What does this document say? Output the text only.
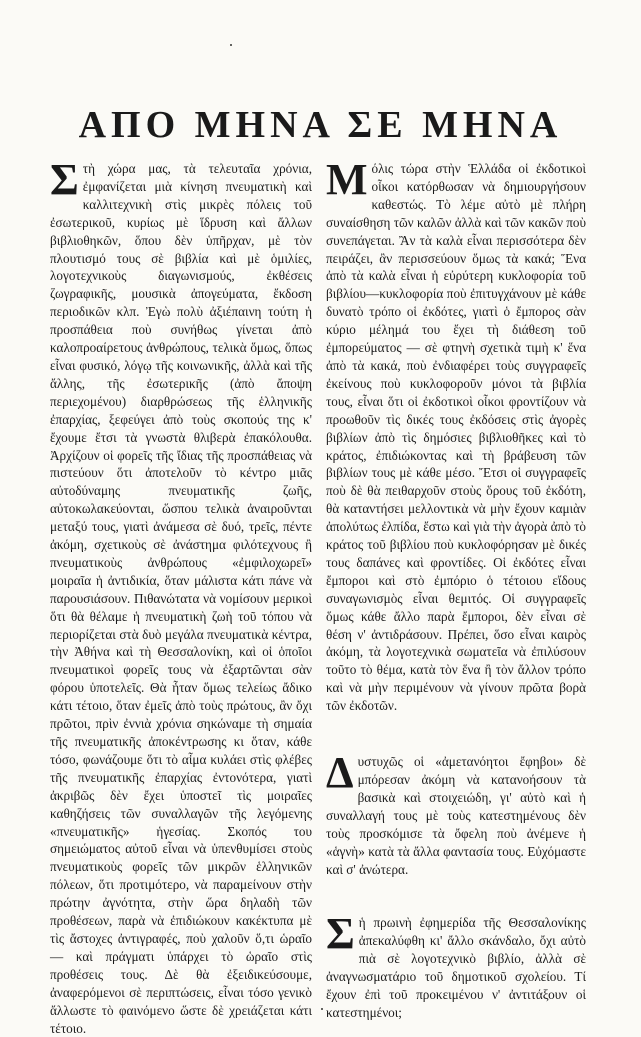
ΑΠΟ ΜΗΝΑ ΣΕ ΜΗΝΑ

Στὴ χώρα μας, τὰ τελευταῖα χρόνια, ἐμφανίζεται μιὰ κίνηση πνευματικὴ καὶ καλλιτεχνικὴ στὶς μικρὲς πόλεις τοῦ ἐσωτερικοῦ, κυρίως μὲ ἵδρυση καὶ ἄλλων βιβλιοθηκῶν, ὅπου δὲν ὑπῆρχαν, μὲ τὸν πλουτισμό τους σὲ βιβλία καὶ μὲ ὁμιλίες, λογοτεχνικοὺς διαγωνισμούς, ἐκθέσεις ζωγραφικῆς, μουσικὰ ἀπογεύματα, ἔκδοση περιοδικῶν κλπ. Ἐγὼ πολὺ ἀξιέπαινη τούτη ἡ προσπάθεια ποὺ συνήθως γίνεται ἀπὸ καλοπροαίρετους ἀνθρώπους, τελικὰ ὅμως, ὅπως εἶναι φυσικό, λόγῳ τῆς κοινωνικῆς, ἀλλὰ καὶ τῆς ἄλλης, τῆς ἐσωτερικῆς (ἀπὸ ἄποψη περιεχομένου) διαρθρώσεως τῆς ἑλληνικῆς ἐπαρχίας, ξεφεύγει ἀπὸ τοὺς σκοπούς της κ' ἔχουμε ἔτσι τὰ γνωστὰ θλιβερὰ ἐπακόλουθα. Ἀρχίζουν οἱ φορεῖς τῆς ἴδιας τῆς προσπάθειας νὰ πιστεύουν ὅτι ἀποτελοῦν τὸ κέντρο μιᾶς αὐτοδύναμης πνευματικῆς ζωῆς, αὐτοκωλακεύονται, ὥσπου τελικὰ ἀναιροῦνται μεταξύ τους, γιατὶ ἀνάμεσα σὲ δυό, τρεῖς, πέντε ἀκόμη, σχετικοὺς σὲ ἀνάστημα φιλότεχνους ἢ πνευματικοὺς ἀνθρώπους «ἐμφιλοχωρεῖ» μοιραῖα ἡ ἀντιδικία, ὅταν μάλιστα κάτι πάνε νὰ παρουσιάσουν. Πιθανώτατα νὰ νομίσουν μερικοὶ ὅτι θὰ θέλαμε ἡ πνευματικὴ ζωὴ τοῦ τόπου νὰ περιορίζεται στὰ δυὸ μεγάλα πνευματικὰ κέντρα, τὴν Ἀθήνα καὶ τὴ Θεσσαλονίκη, καὶ οἱ ὁποῖοι πνευματικοὶ φορεῖς τους νὰ ἐξαρτῶνται σὰν φόρου ὑποτελεῖς. Θὰ ἦταν ὅμως τελείως ἄδικο κάτι τέτοιο, ὅταν ἐμεῖς ἀπὸ τοὺς πρώτους, ἂν ὄχι πρῶτοι, πρὶν ἐννιὰ χρόνια σηκώναμε τὴ σημαία τῆς πνευματικῆς ἀποκέντρωσης κι ὅταν, κάθε τόσο, φωνάζουμε ὅτι τὸ αἷμα κυλάει στὶς φλέβες τῆς πνευματικῆς ἐπαρχίας ἐντονότερα, γιατὶ ἀκριβῶς δὲν ἔχει ὑποστεῖ τὶς μοιραῖες καθηζήσεις τῶν συναλλαγῶν τῆς λεγόμενης «πνευματικῆς» ἡγεσίας. Σκοπός του σημειώματος αὐτοῦ εἶναι νὰ ὑπενθυμίσει στοὺς πνευματικοὺς φορεῖς τῶν μικρῶν ἑλληνικῶν πόλεων, ὅτι προτιμότερο, νὰ παραμείνουν στὴν πρώτην ἀγνότητα, στὴν ὥρα δηλαδὴ τῶν προθέσεων, παρὰ νὰ ἐπιδιώκουν κακέκτυπα μὲ τὶς ἄστοχες ἀντιγραφές, ποὺ χαλοῦν ὅ,τι ὡραῖο — καὶ πράγματι ὑπάρχει τὸ ὡραῖο στὶς προθέσεις τους. Δὲ θὰ ἐξειδικεύσουμε, ἀναφερόμενοι σὲ περιπτώσεις, εἶναι τόσο γενικὸ ἄλλωστε τὸ φαινόμενο ὥστε δὲ χρειάζεται κάτι τέτοιο.

Μόλις τώρα στὴν Ἑλλάδα οἱ ἐκδοτικοὶ οἶκοι κατόρθωσαν νὰ δημιουργήσουν καθεστώς. Τὸ λέμε αὐτὸ μὲ πλήρη συναίσθηση τῶν καλῶν ἀλλὰ καὶ τῶν κακῶν ποὺ συνεπάγεται. Ἂν τὰ καλὰ εἶναι περισσότερα δὲν πειράζει, ἂν περισσεύουν ὅμως τὰ κακά; Ἕνα ἀπὸ τὰ καλὰ εἶναι ἡ εὐρύτερη κυκλοφορία τοῦ βιβλίου—κυκλοφορία ποὺ ἐπιτυγχάνουν μὲ κάθε δυνατὸ τρόπο οἱ ἐκδότες, γιατὶ ὁ ἔμπορος σὰν κύριο μέλημά του ἔχει τὴ διάθεση τοῦ ἐμπορεύματος — σὲ φτηνὴ σχετικὰ τιμὴ κ' ἕνα ἀπὸ τὰ κακά, ποὺ ἐνδιαφέρει τοὺς συγγραφεῖς ἐκείνους ποὺ κυκλοφοροῦν μόνοι τὰ βιβλία τους, εἶναι ὅτι οἱ ἐκδοτικοὶ οἶκοι φροντίζουν νὰ προωθοῦν τὶς δικές τους ἐκδόσεις στὶς ἀγορὲς βιβλίων ἀπὸ τὶς δημόσιες βιβλιοθῆκες καὶ τὸ κράτος, ἐπιδιώκοντας καὶ τὴ βράβευση τῶν βιβλίων τους μὲ κάθε μέσο. Ἔτσι οἱ συγγραφεῖς ποὺ δὲ θὰ πειθαρχοῦν στοὺς ὅρους τοῦ ἐκδότη, θὰ καταντήσει μελλοντικὰ νὰ μὴν ἔχουν καμιὰν ἀπολύτως ἐλπίδα, ἔστω καὶ γιὰ τὴν ἀγορὰ ἀπὸ τὸ κράτος τοῦ βιβλίου ποὺ κυκλοφόρησαν μὲ δικές τους δαπάνες καὶ φροντίδες. Οἱ ἐκδότες εἶναι ἔμποροι καὶ στὸ ἐμπόριο ὁ τέτοιου εἴδους συναγωνισμὸς εἶναι θεμιτός. Οἱ συγγραφεῖς ὅμως κάθε ἄλλο παρὰ ἔμποροι, δὲν εἶναι σὲ θέση ν' ἀντιδράσουν. Πρέπει, ὅσο εἶναι καιρὸς ἀκόμη, τὰ λογοτεχνικὰ σωματεῖα νὰ ἐπιλύσουν τοῦτο τὸ θέμα, κατὰ τὸν ἕνα ἢ τὸν ἄλλον τρόπο καὶ νὰ μὴν περιμένουν νὰ γίνουν πρῶτα βορὰ τῶν ἐκδοτῶν.

Δυστυχῶς οἱ «ἀμετανόητοι ἔφηβοι» δὲ μπόρεσαν ἀκόμη νὰ κατανοήσουν τὰ βασικὰ καὶ στοιχειώδη, γι' αὐτὸ καὶ ἡ συναλλαγή τους μὲ τοὺς κατεστημένους δὲν τοὺς προσκόμισε τὰ ὄφελη ποὺ ἀνέμενε ἡ «ἁγνὴ» κατὰ τὰ ἄλλα φαντασία τους. Εὐχόμαστε καὶ σ' ἀνώτερα.

Σἡ πρωινὴ ἐφημερίδα τῆς Θεσσαλονίκης ἀπεκαλύφθη κι' ἄλλο σκάνδαλο, ὄχι αὐτὸ πιὰ σὲ λογοτεχνικὸ βιβλίο, ἀλλὰ σὲ ἀναγνωσματάριο τοῦ δημοτικοῦ σχολείου. Τί ἔχουν ἐπὶ τοῦ προκειμένου ν' ἀντιτάξουν οἱ κατεστημένοι;
